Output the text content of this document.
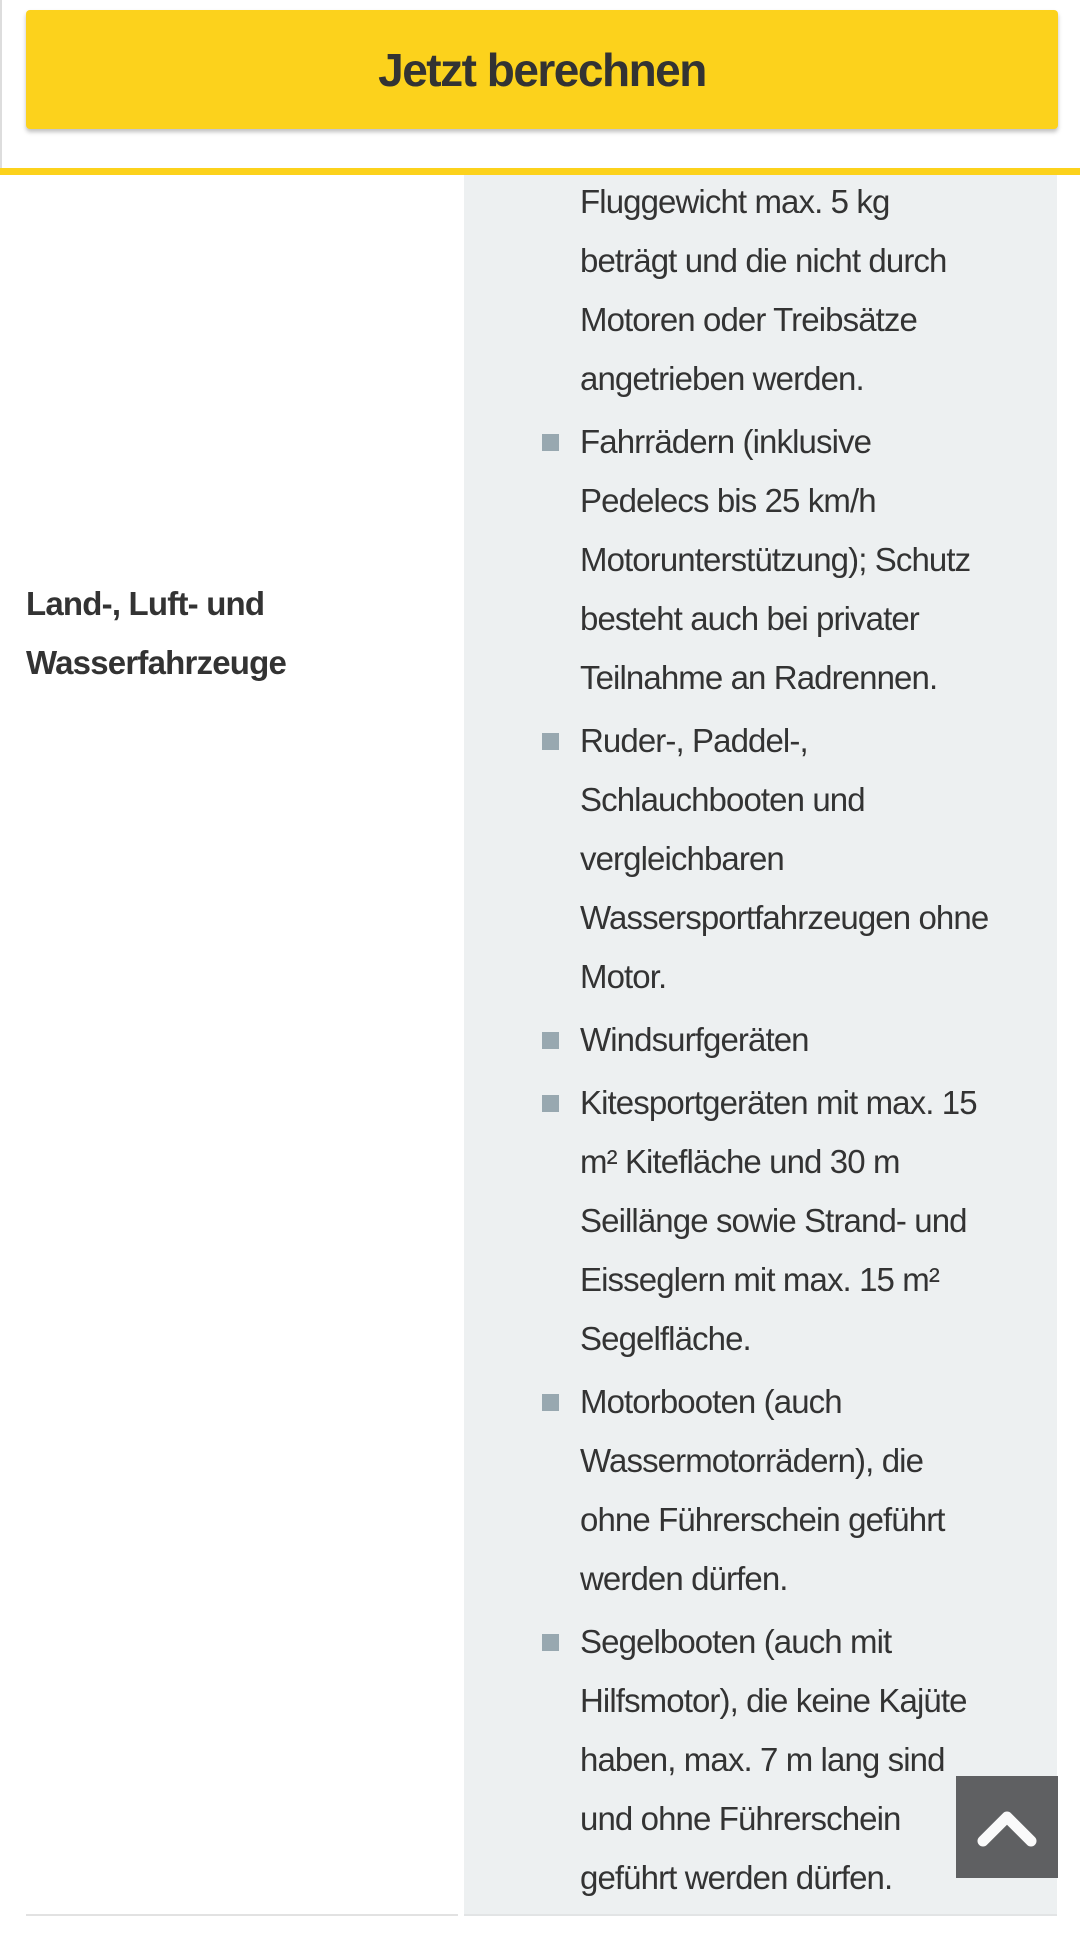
Jetzt berechnen
Land-, Luft- und
Wasserfahrzeuge
Fluggewicht max. 5 kg
beträgt und die nicht durch
Motoren oder Treibsätze
angetrieben werden.
Fahrrädern (inklusive
Pedelecs bis 25 km/h
Motorunterstützung); Schutz
besteht auch bei privater
Teilnahme an Radrennen.
Ruder-, Paddel-,
Schlauchbooten und
vergleichbaren
Wassersportfahrzeugen ohne
Motor.
Windsurfgeräten
Kitesportgeräten mit max. 15
m² Kitefläche und 30 m
Seillänge sowie Strand- und
Eisseglern mit max. 15 m²
Segelfläche.
Motorbooten (auch
Wassermotorrädern), die
ohne Führerschein geführt
werden dürfen.
Segelbooten (auch mit
Hilfsmotor), die keine Kajüte
haben, max. 7 m lang sind
und ohne Führerschein
geführt werden dürfen.
